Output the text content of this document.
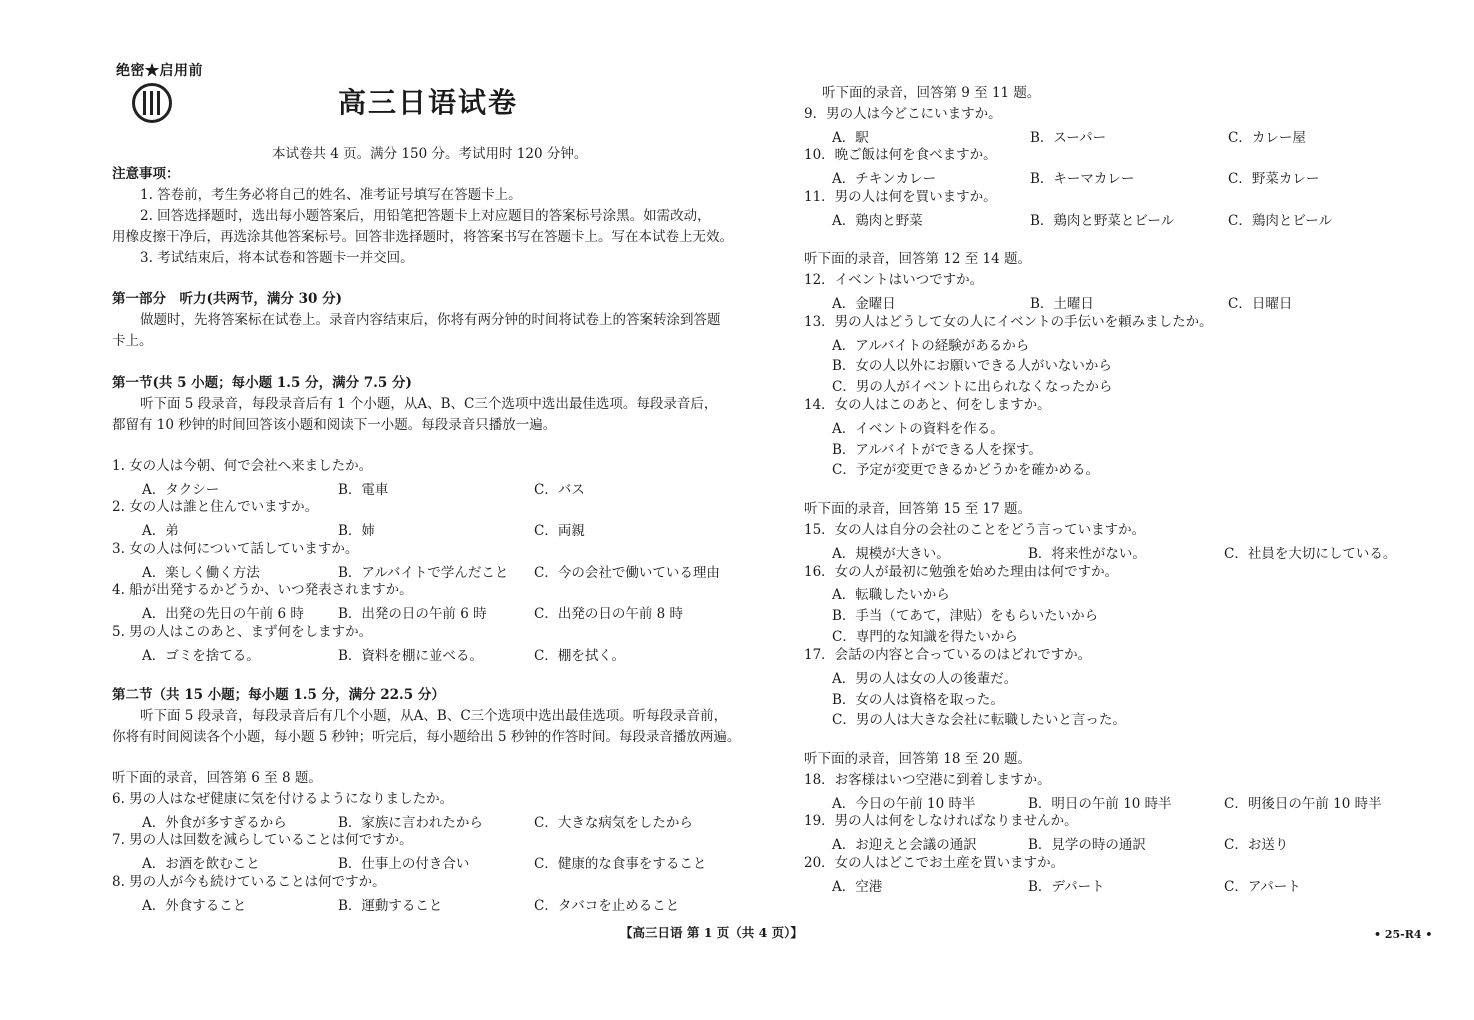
绝密★启用前
高三日语试卷
本试卷共 4 页。满分 150 分。考试用时 120 分钟。
注意事项：
1. 答卷前，考生务必将自己的姓名、准考证号填写在答题卡上。
2. 回答选择题时，选出每小题答案后，用铅笔把答题卡上对应题目的答案标号涂黑。如需改动，
用橡皮擦干净后，再选涂其他答案标号。回答非选择题时，将答案书写在答题卡上。写在本试卷上无效。
3. 考试结束后，将本试卷和答题卡一并交回。
第一部分　听力(共两节，满分 30 分)
做题时，先将答案标在试卷上。录音内容结束后，你将有两分钟的时间将试卷上的答案转涂到答题
卡上。
第一节(共 5 小题；每小题 1.5 分，满分 7.5 分)
听下面 5 段录音，每段录音后有 1 个小题，从A、B、C三个选项中选出最佳选项。每段录音后，
都留有 10 秒钟的时间回答该小题和阅读下一小题。每段录音只播放一遍。
1. 女の人は今朝、何で会社へ来ましたか。
A．タクシー	B．電車	C．バス
2. 女の人は誰と住んでいますか。
A．弟	B．姉	C．両親
3. 女の人は何について話していますか。
A．楽しく働く方法	B．アルバイトで学んだこと C．今の会社で働いている理由
4. 船が出発するかどうか、いつ発表されますか。
A．出発の先日の午前 6 時	B．出発の日の午前 6 時	C．出発の日の午前 8 時
5. 男の人はこのあと、まず何をしますか。
A．ゴミを捨てる。	B．資料を棚に並べる。	C．棚を拭く。
第二节（共 15 小题；每小题 1.5 分，满分 22.5 分）
听下面 5 段录音，每段录音后有几个小题，从A、B、C三个选项中选出最佳选项。听每段录音前，
你将有时间阅读各个小题，每小题 5 秒钟；听完后，每小题给出 5 秒钟的作答时间。每段录音播放两遍。
听下面的录音，回答第 6 至 8 题。
6. 男の人はなぜ健康に気を付けるようになりましたか。
A．外食が多すぎるから	B．家族に言われたから	C．大きな病気をしたから
7. 男の人は回数を減らしていることは何ですか。
A．お酒を飲むこと	B．仕事上の付き合い	C．健康的な食事をすること
8. 男の人が今も続けていることは何ですか。
A．外食すること	B．運動すること	C．タバコを止めること
听下面的录音，回答第 9 至 11 题。
9．男の人は今どこにいますか。
A．駅	B．スーパー	C．カレー屋
10．晩ご飯は何を食べますか。
A．チキンカレー	B．キーマカレー	C．野菜カレー
11．男の人は何を買いますか。
A．鶏肉と野菜	B．鶏肉と野菜とビール	C．鶏肉とビール
听下面的录音，回答第 12 至 14 题。
12．イベントはいつですか。
A．金曜日	B．土曜日	C．日曜日
13．男の人はどうして女の人にイベントの手伝いを頼みましたか。
A．アルバイトの経験があるから
B．女の人以外にお願いできる人がいないから
C．男の人がイベントに出られなくなったから
14．女の人はこのあと、何をしますか。
A．イベントの資料を作る。
B．アルバイトができる人を探す。
C．予定が変更できるかどうかを確かめる。
听下面的录音，回答第 15 至 17 题。
15．女の人は自分の会社のことをどう言っていますか。
A．規模が大きい。	B．将来性がない。	C．社員を大切にしている。
16．女の人が最初に勉強を始めた理由は何ですか。
A．転職したいから
B．手当（てあて，津贴）をもらいたいから
C．専門的な知識を得たいから
17．会話の内容と合っているのはどれですか。
A．男の人は女の人の後輩だ。
B．女の人は資格を取った。
C．男の人は大きな会社に転職したいと言った。
听下面的录音，回答第 18 至 20 题。
18．お客様はいつ空港に到着しますか。
A．今日の午前 10 時半	B．明日の午前 10 時半	C．明後日の午前 10 時半
19．男の人は何をしなければなりませんか。
A．お迎えと会議の通訳	B．見学の時の通訳	C．お送り
20．女の人はどこでお土産を買いますか。
A．空港	B．デパート	C．アパート
【高三日语 第 1 页（共 4 页）】	• 25-R4 •
